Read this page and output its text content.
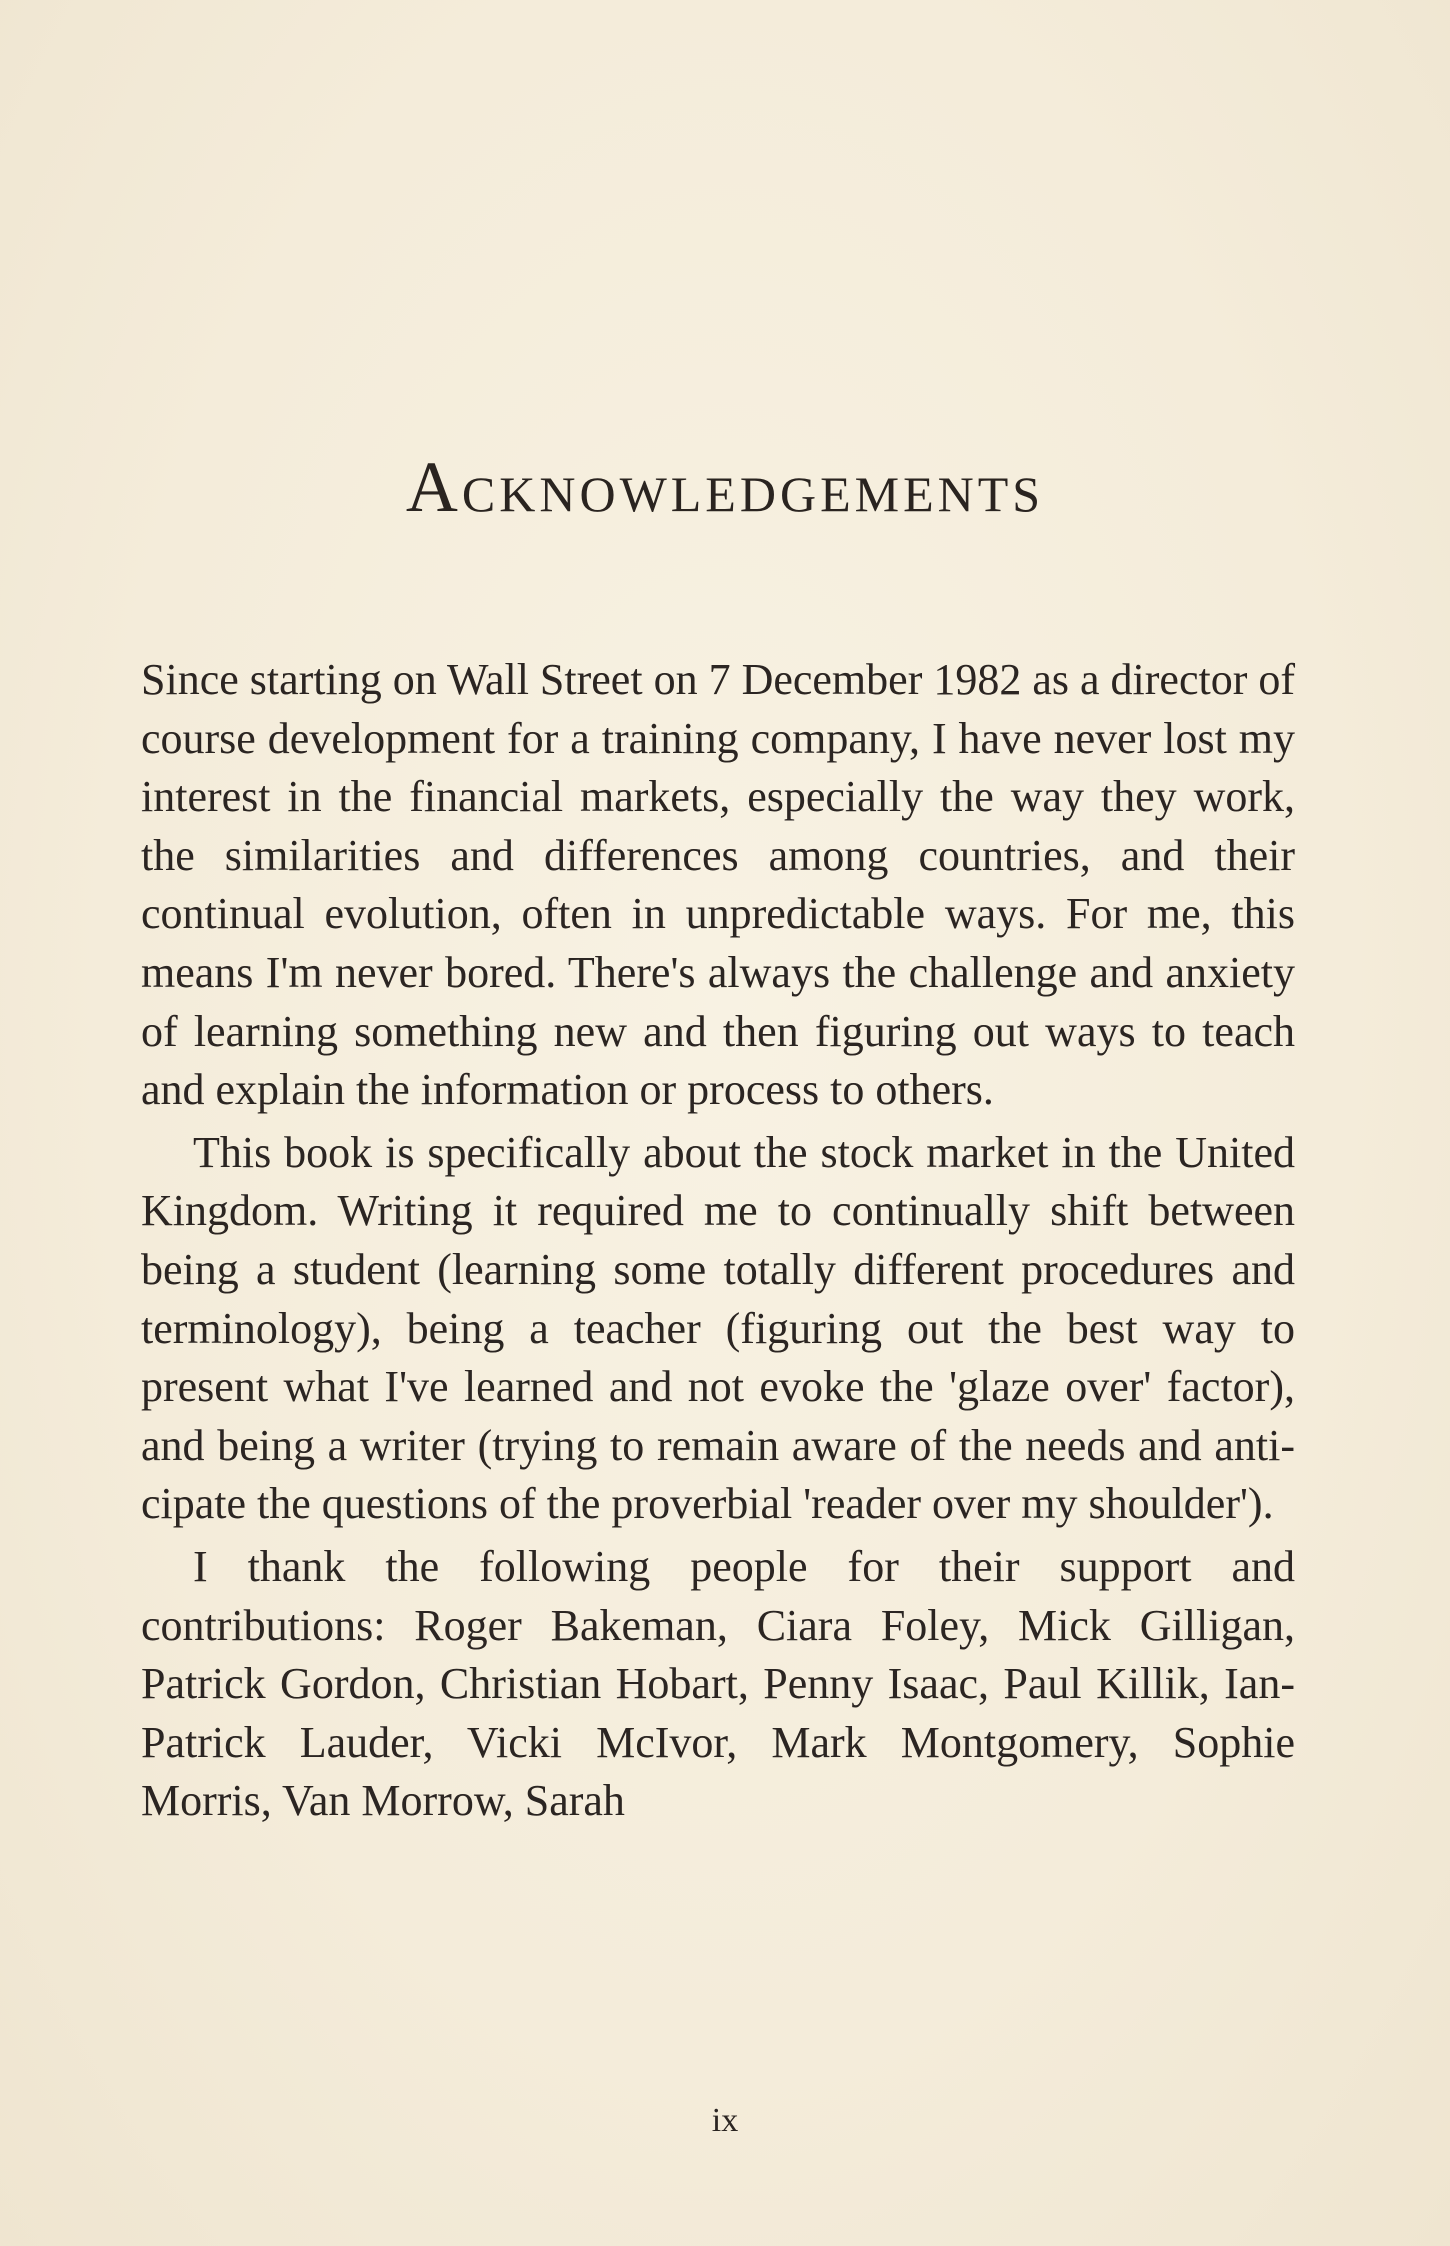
Acknowledgements

Since starting on Wall Street on 7 December 1982 as a director of course development for a training company, I have never lost my interest in the financial markets, especially the way they work, the similarities and differences among countries, and their continual evolution, often in unpredictable ways. For me, this means I'm never bored. There's always the challenge and anxiety of learning something new and then figuring out ways to teach and explain the information or process to others.

This book is specifically about the stock market in the United Kingdom. Writing it required me to continually shift between being a student (learning some totally different procedures and terminology), being a teacher (figuring out the best way to present what I've learned and not evoke the 'glaze over' factor), and being a writer (trying to remain aware of the needs and anticipate the questions of the proverbial 'reader over my shoulder').

I thank the following people for their support and contributions: Roger Bakeman, Ciara Foley, Mick Gilligan, Patrick Gordon, Christian Hobart, Penny Isaac, Paul Killik, Ian-Patrick Lauder, Vicki McIvor, Mark Montgomery, Sophie Morris, Van Morrow, Sarah

ix
